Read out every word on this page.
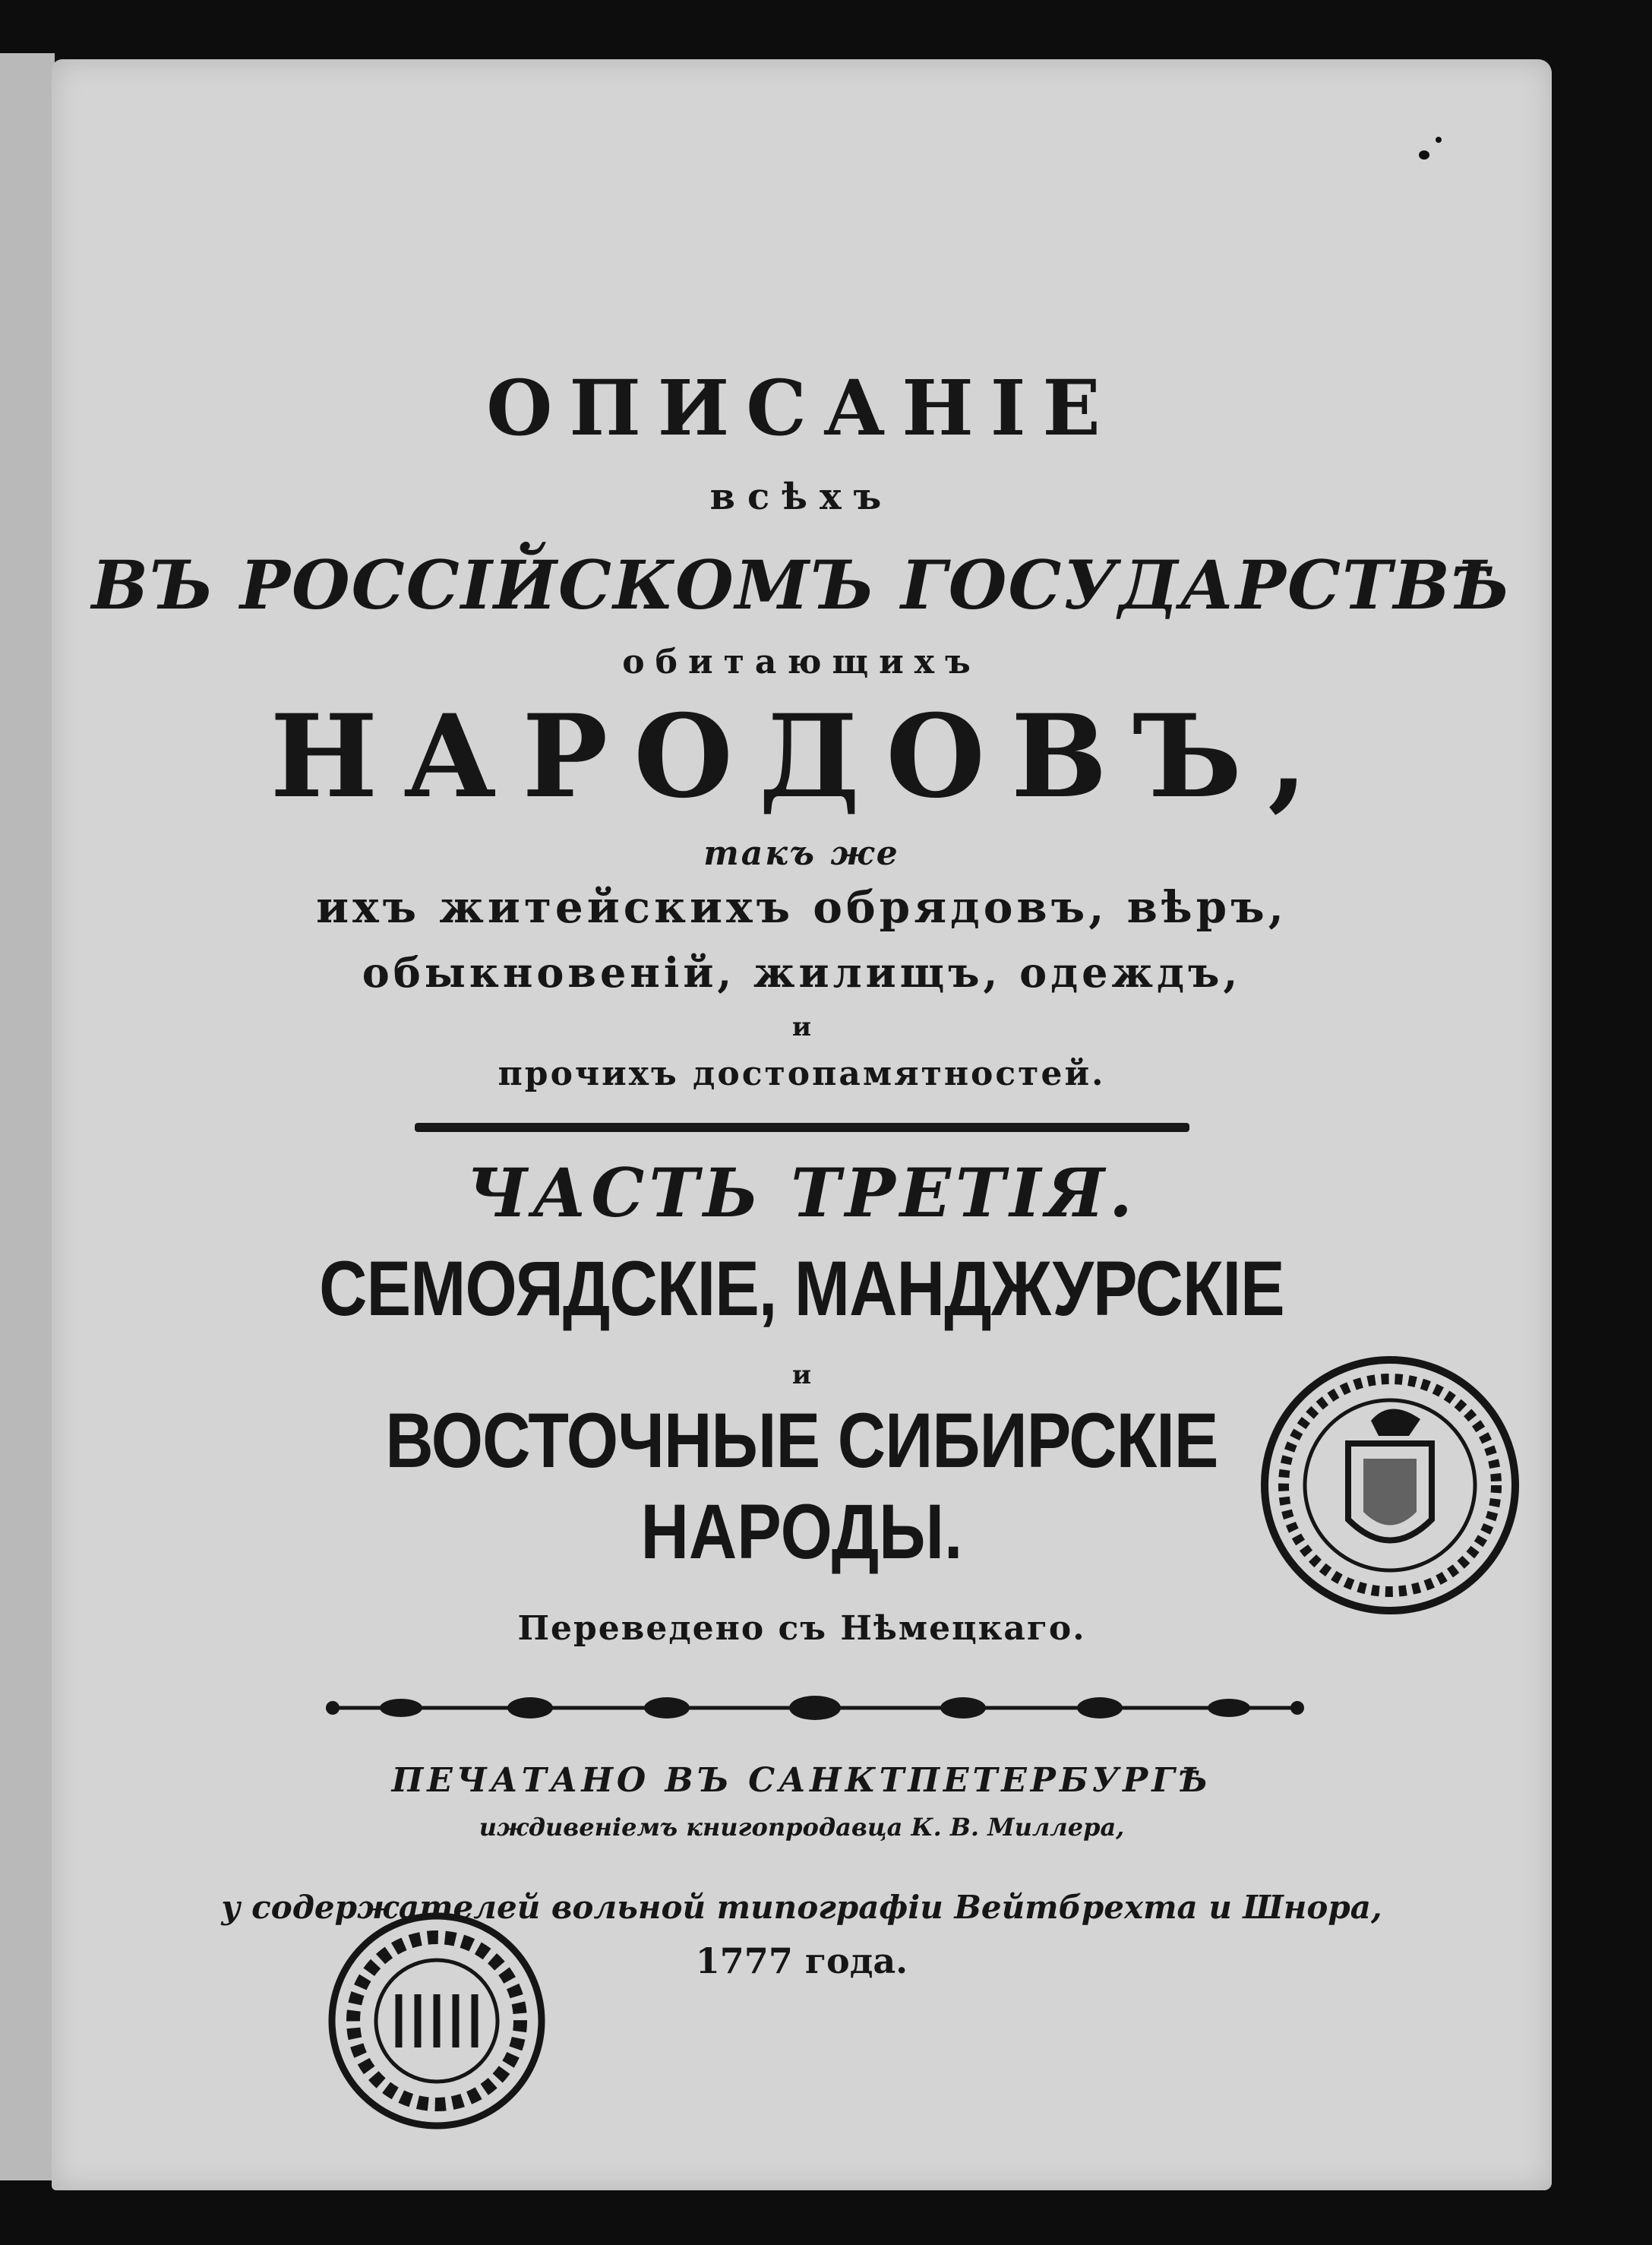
ОПИСАНІЕ
всѣхъ
ВЪ РОССІЙСКОМЪ ГОСУДАРСТВѢ
обитающихъ
НАРОДОВЪ,
такъ же
ихъ житейскихъ обрядовъ, вѣръ,
обыкновеній, жилищъ, одеждъ,
и
прочихъ достопамятностей.
ЧАСТЬ ТРЕТІЯ.
СЕМОЯДСКІЕ, МАНДЖУРСКІЕ
и
ВОСТОЧНЫЕ СИБИРСКІЕ
НАРОДЫ.
Переведено съ Нѣмецкаго.
ПЕЧАТАНО ВЪ САНКТПЕТЕРБУРГѢ
иждивеніемъ книгопродавца К. В. Миллера,
у содержателей вольной типографіи Вейтбрехта и Шнора,
1777 года.
